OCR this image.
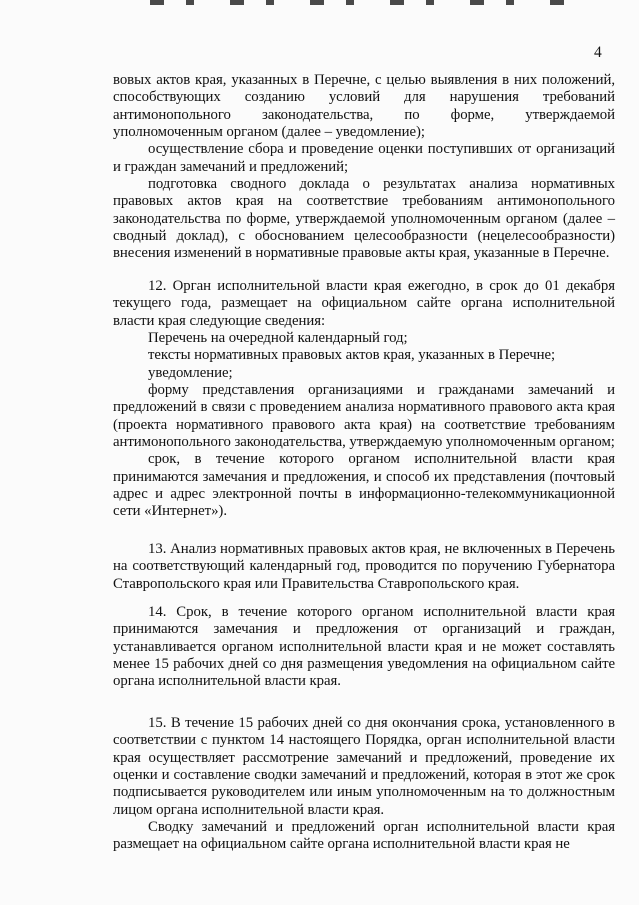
4

вовых актов края, указанных в Перечне, с целью выявления в них положений, способствующих созданию условий для нарушения требований антимонопольного законодательства, по форме, утверждаемой уполномоченным органом (далее – уведомление);

осуществление сбора и проведение оценки поступивших от организаций и граждан замечаний и предложений;

подготовка сводного доклада о результатах анализа нормативных правовых актов края на соответствие требованиям антимонопольного законодательства по форме, утверждаемой уполномоченным органом (далее – сводный доклад), с обоснованием целесообразности (нецелесообразности) внесения изменений в нормативные правовые акты края, указанные в Перечне.

12. Орган исполнительной власти края ежегодно, в срок до 01 декабря текущего года, размещает на официальном сайте органа исполнительной власти края следующие сведения:

Перечень на очередной календарный год;

тексты нормативных правовых актов края, указанных в Перечне;

уведомление;

форму представления организациями и гражданами замечаний и предложений в связи с проведением анализа нормативного правового акта края (проекта нормативного правового акта края) на соответствие требованиям антимонопольного законодательства, утверждаемую уполномоченным органом;

срок, в течение которого органом исполнительной власти края принимаются замечания и предложения, и способ их представления (почтовый адрес и адрес электронной почты в информационно-телекоммуникационной сети «Интернет»).

13. Анализ нормативных правовых актов края, не включенных в Перечень на соответствующий календарный год, проводится по поручению Губернатора Ставропольского края или Правительства Ставропольского края.

14. Срок, в течение которого органом исполнительной власти края принимаются замечания и предложения от организаций и граждан, устанавливается органом исполнительной власти края и не может составлять менее 15 рабочих дней со дня размещения уведомления на официальном сайте органа исполнительной власти края.

15. В течение 15 рабочих дней со дня окончания срока, установленного в соответствии с пунктом 14 настоящего Порядка, орган исполнительной власти края осуществляет рассмотрение замечаний и предложений, проведение их оценки и составление сводки замечаний и предложений, которая в этот же срок подписывается руководителем или иным уполномоченным на то должностным лицом органа исполнительной власти края.

Сводку замечаний и предложений орган исполнительной власти края размещает на официальном сайте органа исполнительной власти края не
